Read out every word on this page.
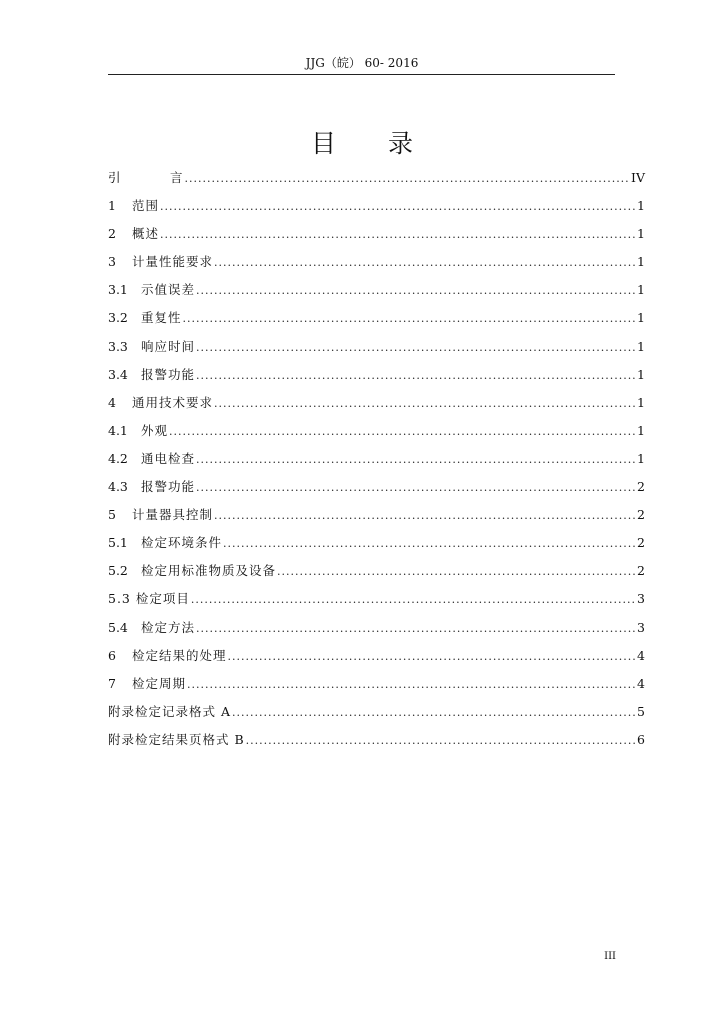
JJG（皖） 60- 2016
目 录
引	言 .....	IV
1	范围 .....	1
2	概述 .....	1
3	计量性能要求 .....	1
3.1	示值误差 .....	1
3.2	重复性 .....	1
3.3	响应时间 .....	1
3.4	报警功能 .....	1
4	通用技术要求 .....	1
4.1	外观 .....	1
4.2	通电检查 .....	1
4.3	报警功能 .....	2
5	计量器具控制 .....	2
5.1	检定环境条件 .....	2
5.2	检定用标准物质及设备 .....	2
5.3 检定项目 .....	3
5.4	检定方法 .....	3
6	检定结果的处理 .....	4
7	检定周期 .....	4
附录检定记录格式 A .....	5
附录检定结果页格式 B .....	6
III
